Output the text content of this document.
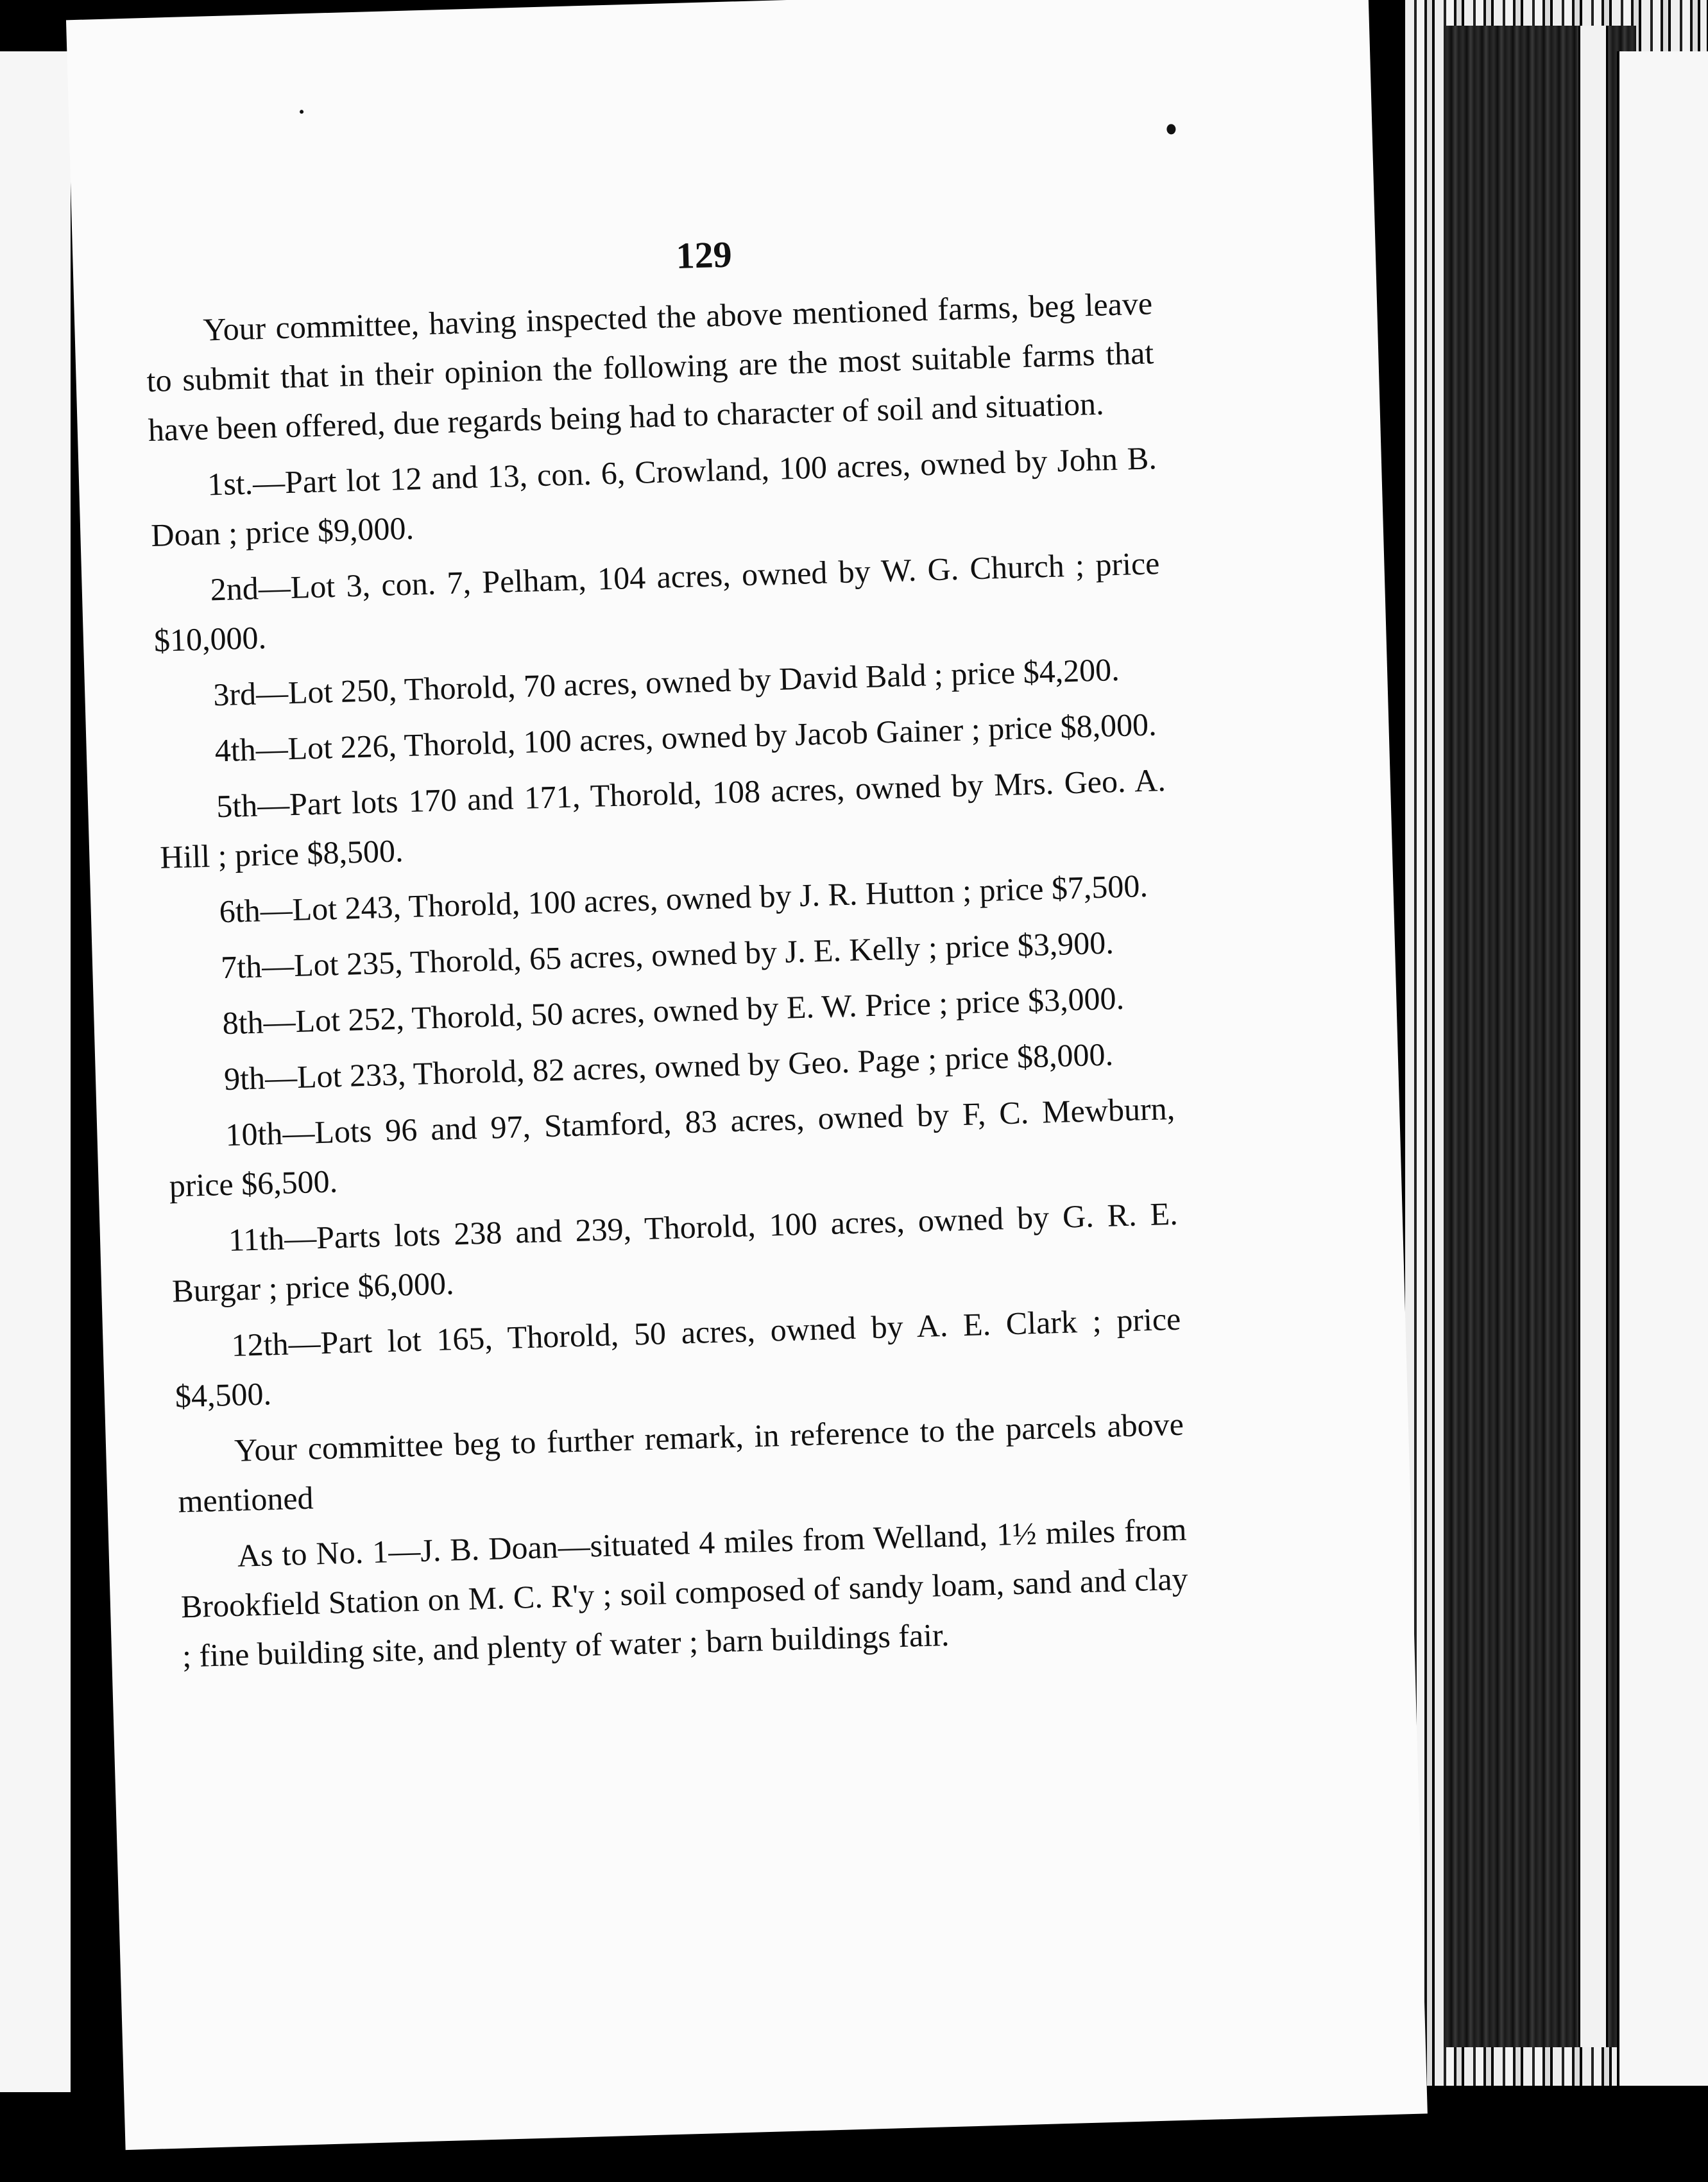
129

Your committee, having inspected the above mentioned farms, beg leave to submit that in their opinion the following are the most suitable farms that have been offered, due regards being had to character of soil and situation.

1st.—Part lot 12 and 13, con. 6, Crowland, 100 acres, owned by John B. Doan ; price $9,000.

2nd—Lot 3, con. 7, Pelham, 104 acres, owned by W. G. Church ; price $10,000.

3rd—Lot 250, Thorold, 70 acres, owned by David Bald ; price $4,200.

4th—Lot 226, Thorold, 100 acres, owned by Jacob Gainer ; price $8,000.

5th—Part lots 170 and 171, Thorold, 108 acres, owned by Mrs. Geo. A. Hill ; price $8,500.

6th—Lot 243, Thorold, 100 acres, owned by J. R. Hutton ; price $7,500.

7th—Lot 235, Thorold, 65 acres, owned by J. E. Kelly ; price $3,900.

8th—Lot 252, Thorold, 50 acres, owned by E. W. Price ; price $3,000.

9th—Lot 233, Thorold, 82 acres, owned by Geo. Page ; price $8,000.

10th—Lots 96 and 97, Stamford, 83 acres, owned by F, C. Mewburn, price $6,500.

11th—Parts lots 238 and 239, Thorold, 100 acres, owned by G. R. E. Burgar ; price $6,000.

12th—Part lot 165, Thorold, 50 acres, owned by A. E. Clark ; price $4,500.

Your committee beg to further remark, in reference to the parcels above mentioned

As to No. 1—J. B. Doan—situated 4 miles from Welland, 1½ miles from Brookfield Station on M. C. R'y ; soil composed of sandy loam, sand and clay ; fine building site, and plenty of water ; barn buildings fair.
